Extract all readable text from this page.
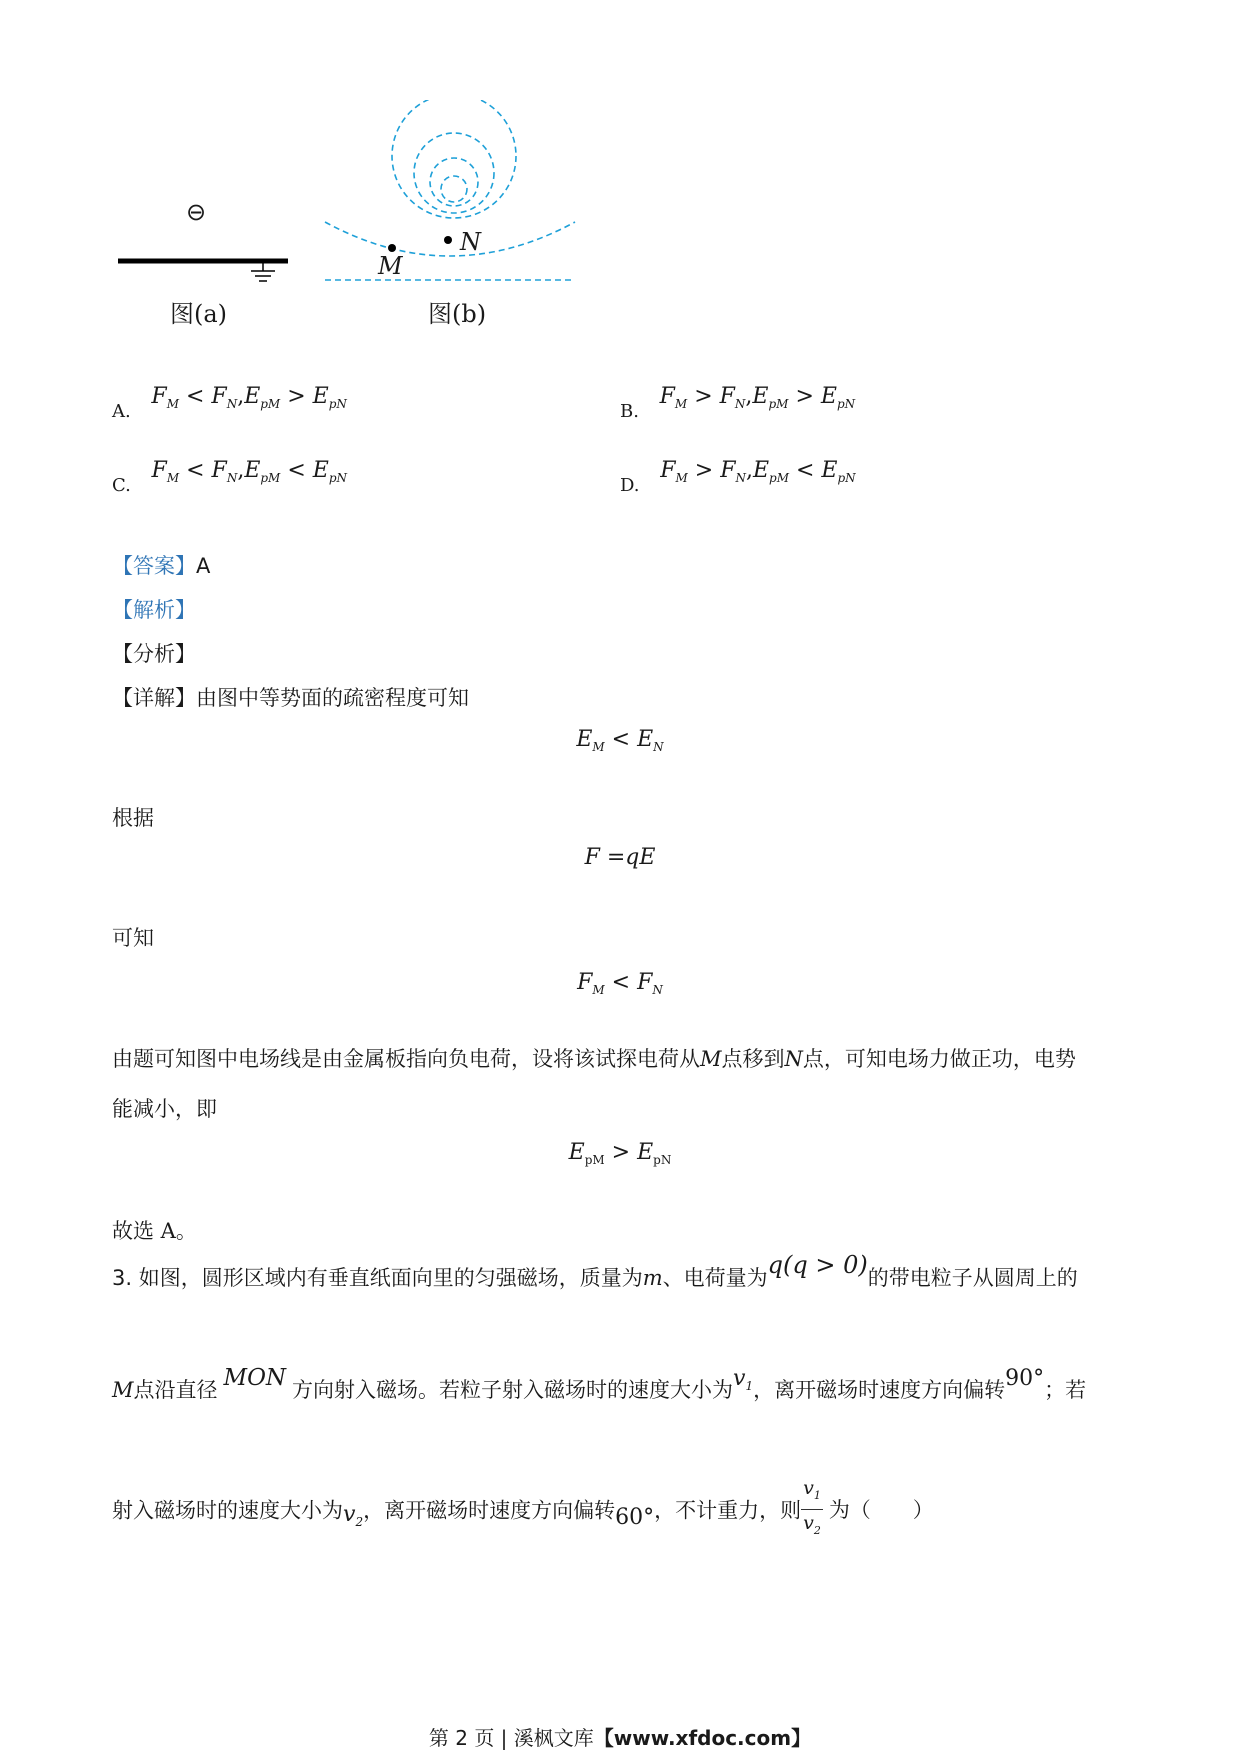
⊖
图(a)
M
N
图(b)
A. $F_M < F_N,E_{pM} > E_{pN}$	B. $F_M > F_N,E_{pM} > E_{pN}$
C. $F_M < F_N,E_{pM} < E_{pN}$	D. $F_M > F_N,E_{pM} < E_{pN}$
【答案】A
【解析】
【分析】
【详解】由图中等势面的疏密程度可知
$E_M < E_N$
根据
F =qE
可知
$F_M < F_N$
由题可知图中电场线是由金属板指向负电荷，设将该试探电荷从M点移到N点，可知电场力做正功，电势
能减小，即
$E_{pM} > E_{pN}$
故选 A。
3. 如图，圆形区域内有垂直纸面向里的匀强磁场，质量为m、电荷量为q(q > 0)的带电粒子从圆周上的
M点沿直径 MON 方向射入磁场。若粒子射入磁场时的速度大小为$v_1$，离开磁场时速度方向偏转90°；若
射入磁场时的速度大小为$v_2$，离开磁场时速度方向偏转60°，不计重力，则 $\frac{v_1}{v_2}$ 为（　　）
第 2 页 | 溪枫文库【www.xfdoc.com】
